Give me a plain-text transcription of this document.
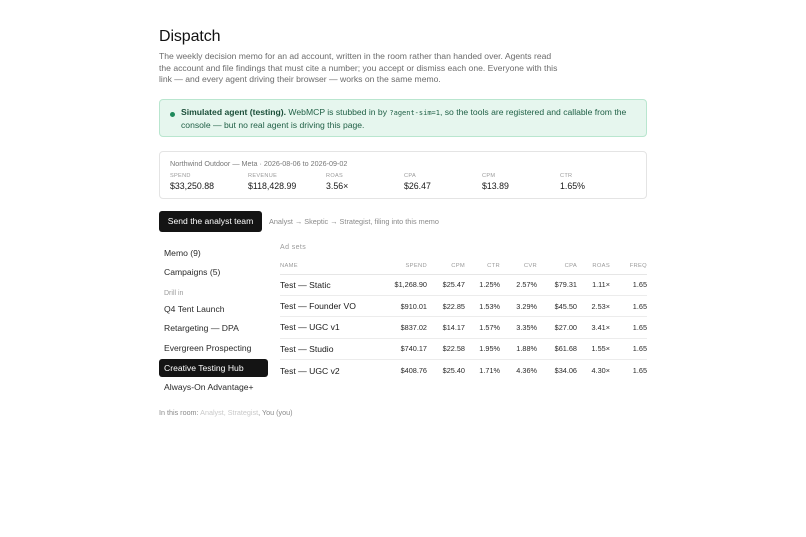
Dispatch

The weekly decision memo for an ad account, written in the room rather than handed over. Agents read the account and file findings that must cite a number; you accept or dismiss each one. Everyone with this link — and every agent driving their browser — works on the same memo.

Simulated agent (testing). WebMCP is stubbed in by ?agent-sim=1, so the tools are registered and callable from the console — but no real agent is driving this page.
Northwind Outdoor — Meta · 2026-08-06 to 2026-09-02
SPEND
$33,250.88
REVENUE
$118,428.99
ROAS
3.56×
CPA
$26.47
CPM
$13.89
CTR
1.65%
Send the analyst team	Analyst → Skeptic → Strategist, filing into this memo
Memo (9)
Campaigns (5)
Drill in
Q4 Tent Launch
Retargeting — DPA
Evergreen Prospecting
Creative Testing Hub
Always-On Advantage+
In this room: Analyst, Strategist, You (you)
Ad sets
NAME	SPEND	CPM	CTR	CVR	CPA	ROAS	FREQ
Test — Static	$1,268.90	$25.47	1.25%	2.57%	$79.31	1.11×	1.65
Test — Founder VO	$910.01	$22.85	1.53%	3.29%	$45.50	2.53×	1.65
Test — UGC v1	$837.02	$14.17	1.57%	3.35%	$27.00	3.41×	1.65
Test — Studio	$740.17	$22.58	1.95%	1.88%	$61.68	1.55×	1.65
Test — UGC v2	$408.76	$25.40	1.71%	4.36%	$34.06	4.30×	1.65
